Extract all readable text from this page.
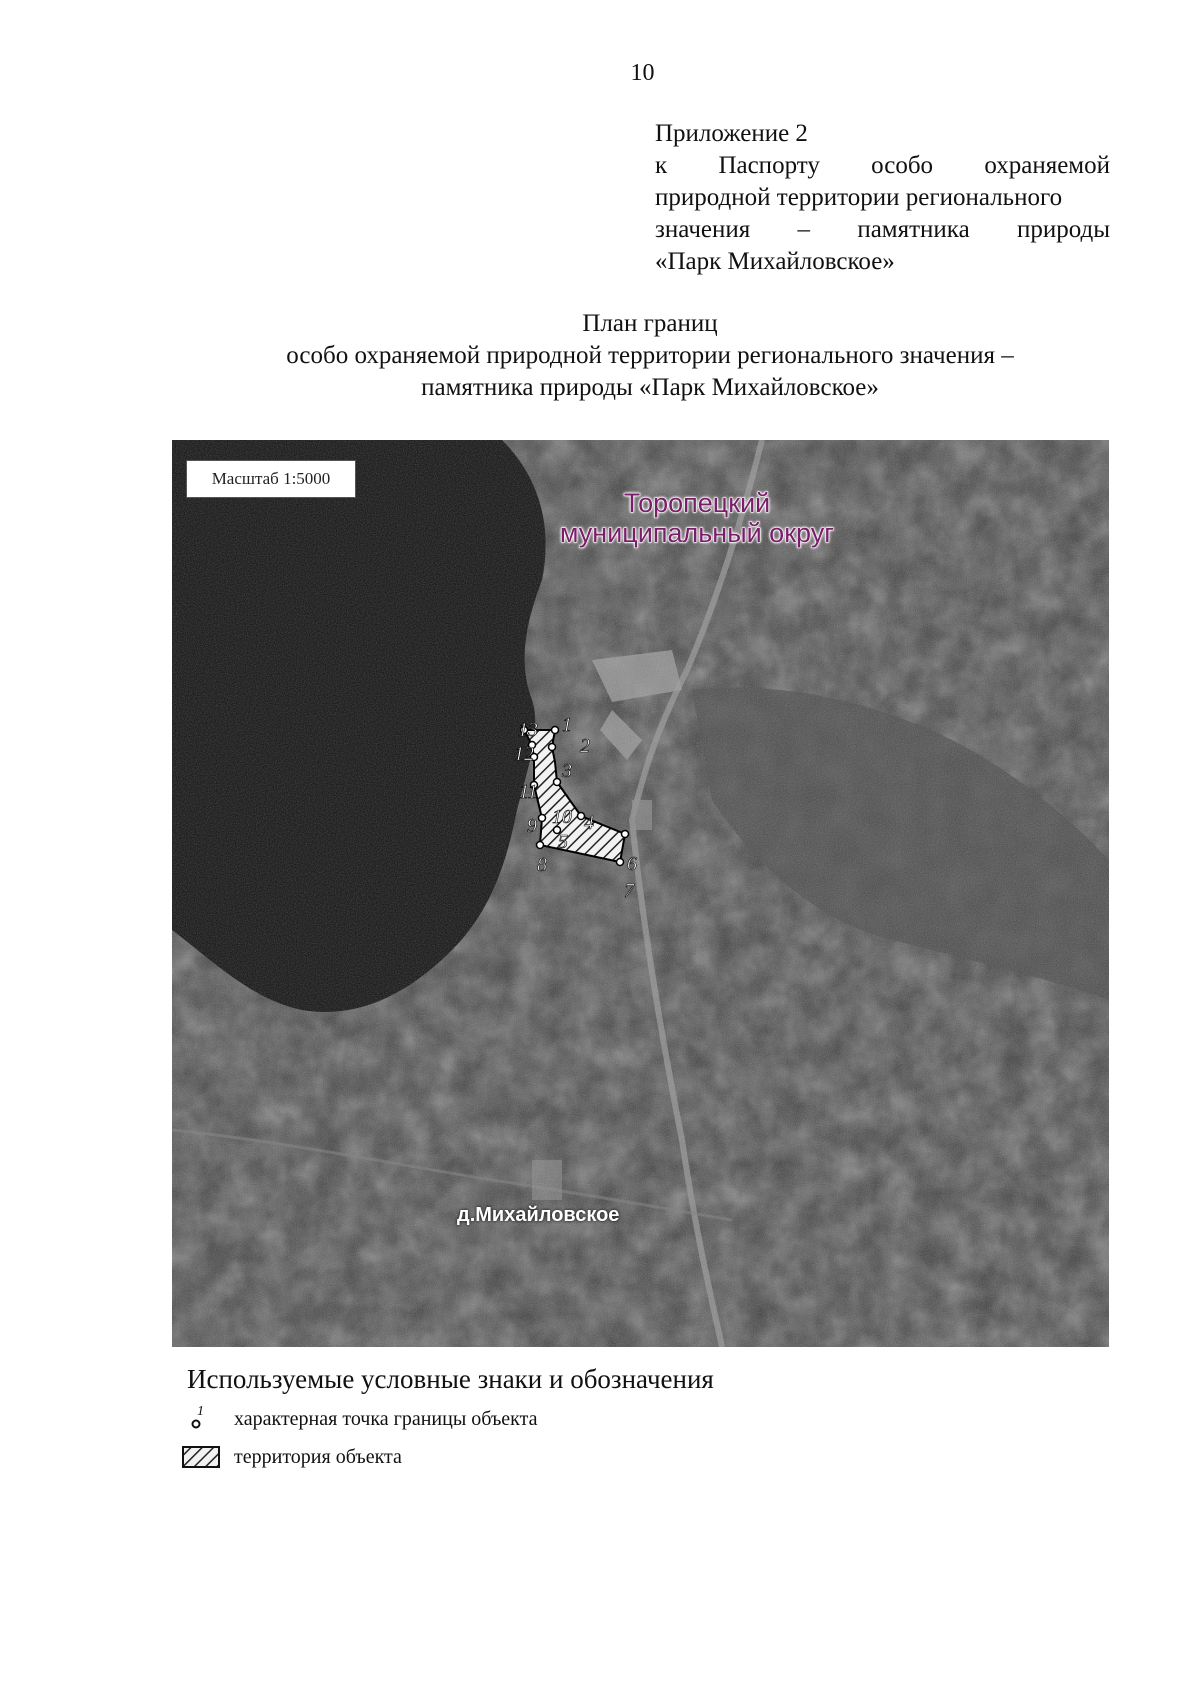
10
Приложение 2
к Паспорту особо охраняемой
природной территории регионального
значения – памятника природы
«Парк Михайловское»
План границ
особо охраняемой природной территории регионального значения –
памятника природы «Парк Михайловское»
1
2
3
4
5
6
7
8
9 10
11
12
13
Масштаб 1:5000
Торопецкий
муниципальный округ
д.Михайловское
Используемые условные знаки и обозначения
1 характерная точка границы объекта
территория объекта
